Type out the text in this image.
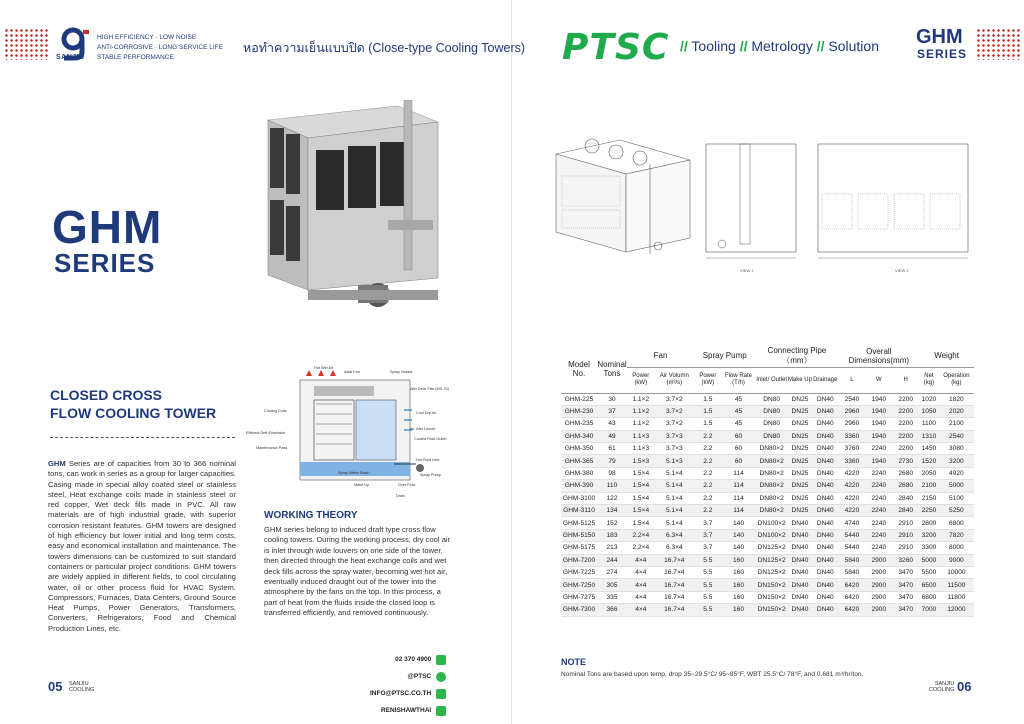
SANJIU
HIGH EFFICIENCY · LOW NOISE
ANTI-CORROSIVE · LONG SERVICE LIFE
STABLE PERFORMANCE
หอทำความเย็นแบบปิด (Close-type Cooling Towers) PTSC // Tooling // Metrology // Solution GHM
SERIES
GHM
SERIES
CLOSED CROSS
FLOW COOLING TOWER
GHM Series are of capacities from 30 to 366 nominal tons, can work in series as a group for larger capacities. Casing made in special alloy coated steel or stainless steel, Heat exchange coils made in stainless steel or red copper, Wet deck fills made in PVC. All raw materials are of high industrial grade, with superior corrosion resistant features. GHM towers are designed of high efficiency but lower initial and long term costs, easy and economical installation and maintenance. The towers dimensions can be customized to suit standard containers or particular project conditions. GHM towers are widely applied in different fields, to cool circulating water, oil or other process fluid for HVAC System, Compressors, Furnaces, Data Centers, Ground Source Heat Pumps, Power Generators, Transformers, Converters, Refrigerators, Food and Chemical Production Lines, etc.
Hot Wet Air
Axial Fan	Spray Nozzle
Wet Deck Fills (MX-70)
Cooling Coils	Cool Dry Air
Efficient Drift Eliminator
Air Inlet Louver
Cooled Fluid Outlet
Maintenance Pass
Hot Fluid Inlet
Spray Water Basin	Spray Pump
Make Up	Over Flow
Drain
WORKING THEORY
GHM series belong to induced draft type cross flow cooling towers. During the working process, dry cool air is inlet through wide louvers on one side of the tower, then directed through the heat exchange coils and wet deck fills across the spray water, becoming wet hot air, eventually induced draught out of the tower into the atmosphere by the fans on the top. In this process, a part of heat from the fluids inside the closed loop is transferred efficiently, and removed continuously.
02 370 4900
@PTSC
INFO@PTSC.CO.TH
RENISHAWTHAI
05 SANJIU
COOLING
SANJIU
COOLING 06
VIEW 1	VIEW 2
Model No.	Nominal Tons	Fan		Spray Pump		Connecting Pipe（mm）			Overall Dimensions(mm)			Weight	
		Power (kW)	Air Volumn (m³/s)	Power (kW)	Flow Rate (T/h)	Inlet/ Outlet	Make Up	Drainage	L	W	H	Net (kg)	Operation (kg)
GHM-225	30	1.1×2	3.7×2	1.5	45	DN80	DN25	DN40	2540	1940	2200	1020	1820
GHM-230	37	1.1×2	3.7×2	1.5	45	DN80	DN25	DN40	2960	1940	2200	1050	2020
GHM-235	43	1.1×2	3.7×2	1.5	45	DN80	DN25	DN40	2960	1940	2200	1100	2100
GHM-340	49	1.1×3	3.7×3	2.2	60	DN80	DN25	DN40	3360	1940	2200	1310	2540
GHM-350	61	1.1×3	3.7×3	2.2	60	DN80×2	DN25	DN40	3760	2240	2200	1450	3080
GHM-365	79	1.5×3	5.1×3	2.2	60	DN80×2	DN25	DN40	3360	1940	2730	1520	3200
GHM-380	98	1.5×4	5.1×4	2.2	114	DN80×2	DN25	DN40	4220	2240	2680	2050	4920
GHM-390	110	1.5×4	5.1×4	2.2	114	DN80×2	DN25	DN40	4220	2240	2680	2100	5000
GHM-3100	122	1.5×4	5.1×4	2.2	114	DN80×2	DN25	DN40	4220	2240	2840	2150	5100
GHM-3110	134	1.5×4	5.1×4	2.2	114	DN80×2	DN25	DN40	4220	2240	2840	2250	5250
GHM-5125	152	1.5×4	5.1×4	3.7	140	DN100×2	DN40	DN40	4740	2240	2910	2800	6800
GHM-5150	183	2.2×4	6.3×4	3.7	140	DN100×2	DN40	DN40	5440	2240	2910	3200	7820
GHM-5175	213	2.2×4	6.3×4	3.7	140	DN125×2	DN40	DN40	5440	2240	2910	3300	8000
GHM-7200	244	4×4	16.7×4	5.5	160	DN125×2	DN40	DN40	5840	2900	3260	5000	9000
GHM-7225	274	4×4	16.7×4	5.5	160	DN125×2	DN40	DN40	5840	2900	3470	5500	10000
GHM-7250	305	4×4	16.7×4	5.5	160	DN150×2	DN40	DN40	6420	2900	3470	6500	11500
GHM-7275	335	4×4	16.7×4	5.5	160	DN150×2	DN40	DN40	6420	2900	3470	6800	11800
GHM-7300	366	4×4	16.7×4	5.5	160	DN150×2	DN40	DN40	6420	2900	3470	7000	12000
NOTE
Nominal Tons are based upon temp. drop 35~29.5°C/ 95~85°F, WBT 25.5°C/ 78°F, and 0.681 m³/hr/ton.
